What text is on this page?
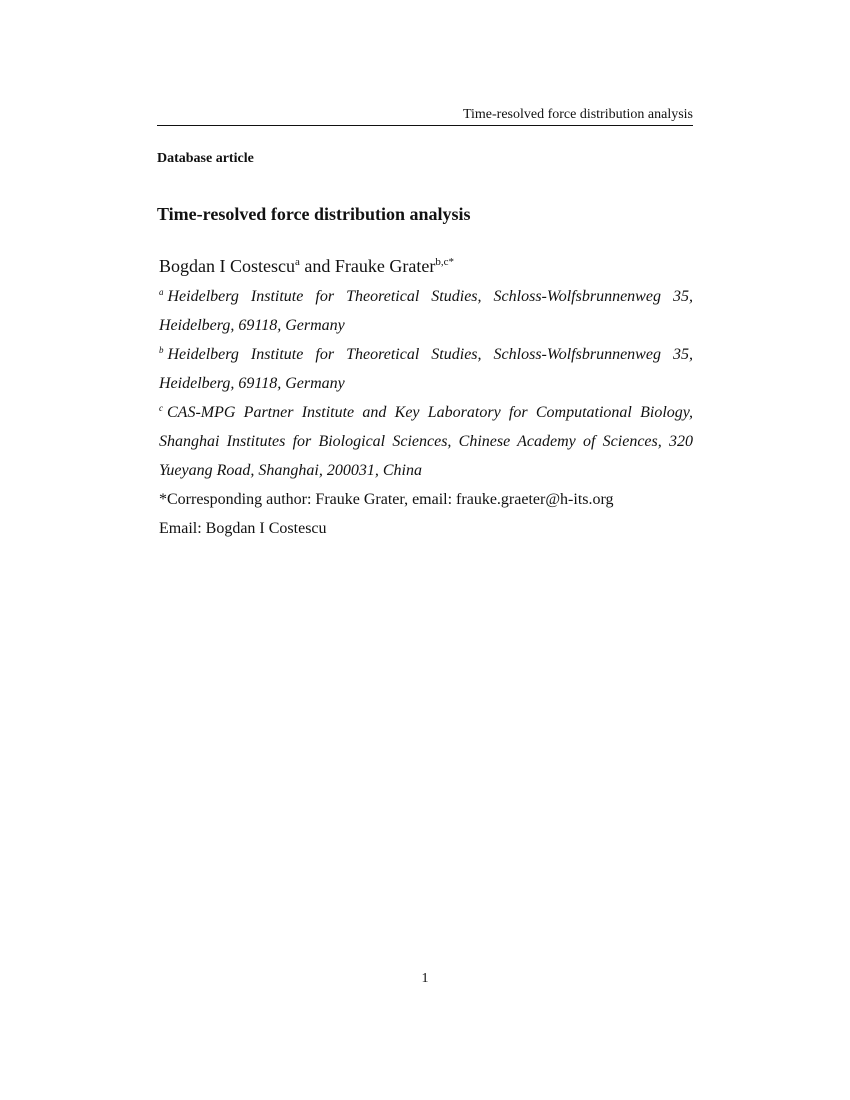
Time-resolved force distribution analysis
Database article
Time-resolved force distribution analysis
Bogdan I Costescu$^a$ and Frauke Grater$^{b,c*}$
$^a$ Heidelberg Institute for Theoretical Studies, Schloss-Wolfsbrunnenweg 35, Heidelberg, 69118, Germany
$^b$ Heidelberg Institute for Theoretical Studies, Schloss-Wolfsbrunnenweg 35, Heidelberg, 69118, Germany
$^c$ CAS-MPG Partner Institute and Key Laboratory for Computational Biology, Shanghai Institutes for Biological Sciences, Chinese Academy of Sciences, 320 Yueyang Road, Shanghai, 200031, China
*Corresponding author: Frauke Grater, email: frauke.graeter@h-its.org
Email: Bogdan I Costescu
1
